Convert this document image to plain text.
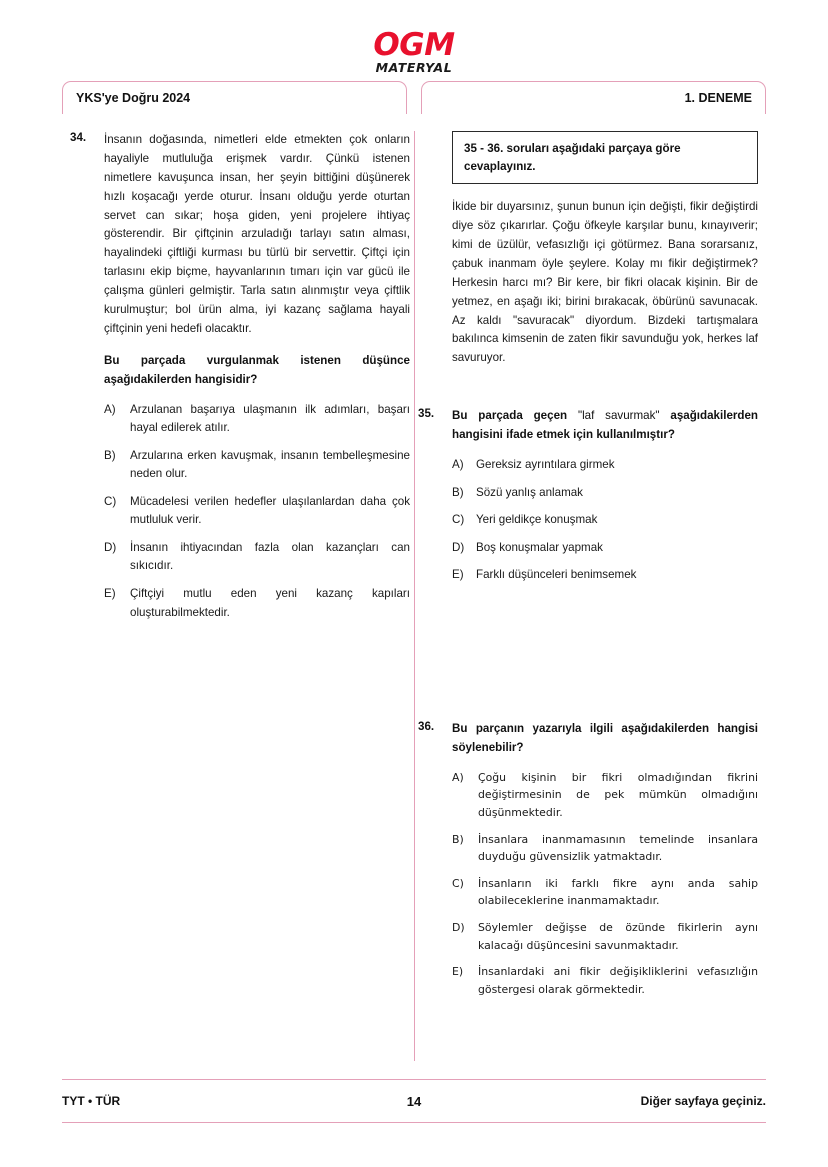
OGM
MATERYAL
YKS'ye Doğru 2024	1. DENEME
34.	İnsanın doğasında, nimetleri elde etmekten çok onların hayaliyle mutluluğa erişmek vardır. Çünkü istenen nimetlere kavuşunca insan, her şeyin bittiğini düşünerek hızlı koşacağı yerde oturur. İnsanı olduğu yerde oturtan servet can sıkar; hoşa giden, yeni projelere ihtiyaç gösterendir. Bir çiftçinin arzuladığı tarlayı satın alması, hayalindeki çiftliği kurması bu türlü bir servettir. Çiftçi için tarlasını ekip biçme, hayvanlarının tımarı için var gücü ile çalışma günleri gelmiştir. Tarla satın alınmıştır veya çiftlik kurulmuştur; bol ürün alma, iyi kazanç sağlama hayali çiftçinin yeni hedefi olacaktır.

Bu parçada vurgulanmak istenen düşünce aşağıdakilerden hangisidir?

A) Arzulanan başarıya ulaşmanın ilk adımları, başarı hayal edilerek atılır.
B) Arzularına erken kavuşmak, insanın tembelleşmesine neden olur.
C) Mücadelesi verilen hedefler ulaşılanlardan daha çok mutluluk verir.
D) İnsanın ihtiyacından fazla olan kazançları can sıkıcıdır.
E) Çiftçiyi mutlu eden yeni kazanç kapıları oluşturabilmektedir.
35 - 36. soruları aşağıdaki parçaya göre cevaplayınız.

İkide bir duyarsınız, şunun bunun için değişti, fikir değiştirdi diye söz çıkarırlar. Çoğu öfkeyle karşılar bunu, kınayıverir; kimi de üzülür, vefasızlığı içi götürmez. Bana sorarsanız, çabuk inanmam öyle şeylere. Kolay mı fikir değiştirmek? Herkesin harcı mı? Bir kere, bir fikri olacak kişinin. Bir de yetmez, en aşağı iki; birini bırakacak, öbürünü savunacak. Az kaldı "savuracak" diyordum. Bizdeki tartışmalara bakılınca kimsenin de zaten fikir savunduğu yok, herkes laf savuruyor.

35.	Bu parçada geçen "laf savurmak" aşağıdakilerden hangisini ifade etmek için kullanılmıştır?

A) Gereksiz ayrıntılara girmek
B) Sözü yanlış anlamak
C) Yeri geldikçe konuşmak
D) Boş konuşmalar yapmak
E) Farklı düşünceleri benimsemek
36.	Bu parçanın yazarıyla ilgili aşağıdakilerden hangisi söylenebilir?

A) Çoğu kişinin bir fikri olmadığından fikrini değiştirmesinin de pek mümkün olmadığını düşünmektedir.
B) İnsanlara inanmamasının temelinde insanlara duyduğu güvensizlik yatmaktadır.
C) İnsanların iki farklı fikre aynı anda sahip olabileceklerine inanmamaktadır.
D) Söylemler değişse de özünde fikirlerin aynı kalacağı düşüncesini savunmaktadır.
E) İnsanlardaki ani fikir değişikliklerini vefasızlığın göstergesi olarak görmektedir.
TYT • TÜR	14	Diğer sayfaya geçiniz.
